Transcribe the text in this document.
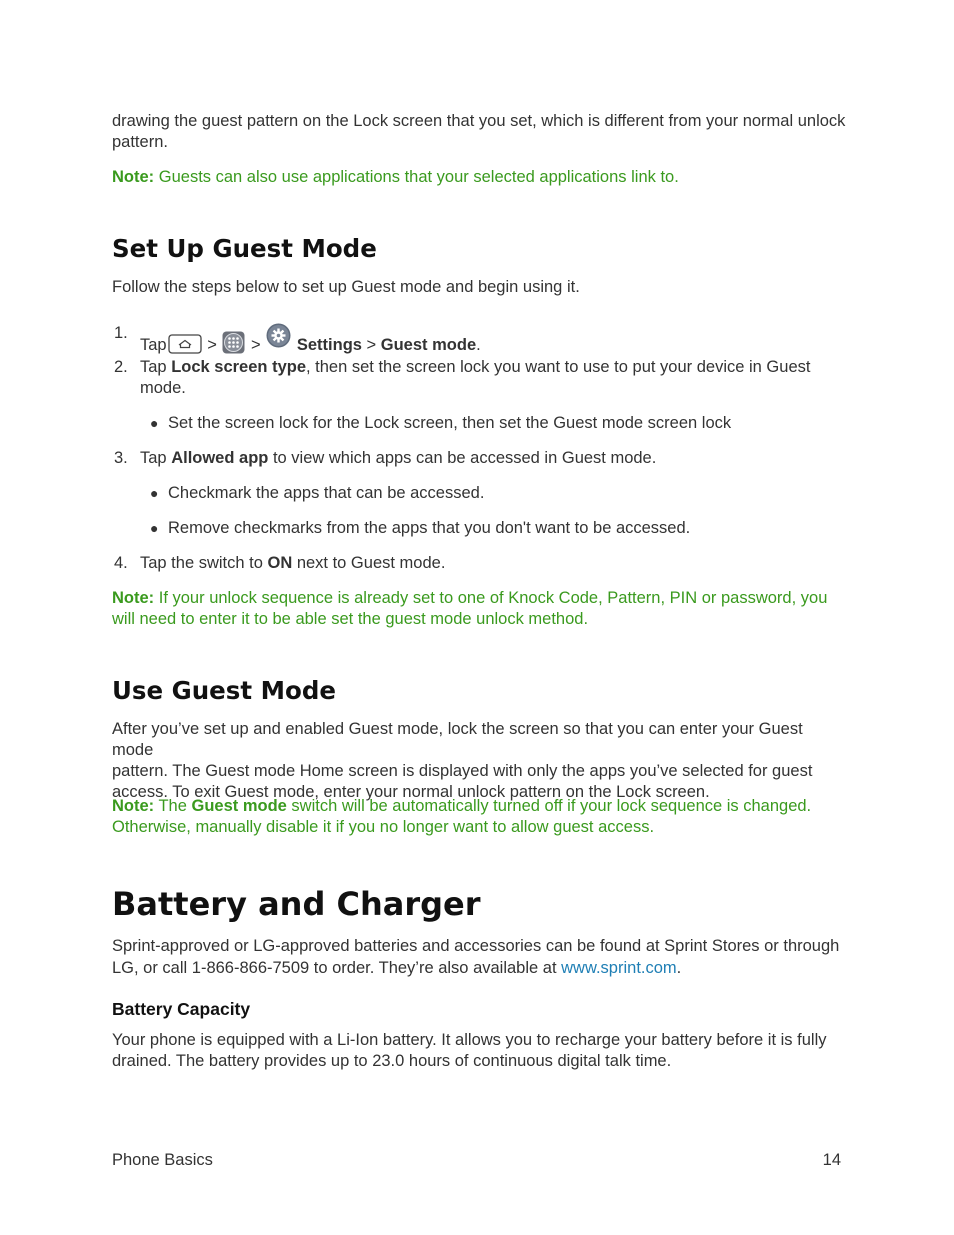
drawing the guest pattern on the Lock screen that you set, which is different from your normal unlock
pattern.

Note: Guests can also use applications that your selected applications link to.

Set Up Guest Mode

Follow the steps below to set up Guest mode and begin using it.

1.
Tap > > Settings > Guest mode.
2. Tap Lock screen type, then set the screen lock you want to use to put your device in Guest
mode.
● Set the screen lock for the Lock screen, then set the Guest mode screen lock
3. Tap Allowed app to view which apps can be accessed in Guest mode.
● Checkmark the apps that can be accessed.
● Remove checkmarks from the apps that you don't want to be accessed.
4. Tap the switch to ON next to Guest mode.

Note: If your unlock sequence is already set to one of Knock Code, Pattern, PIN or password, you
will need to enter it to be able set the guest mode unlock method.

Use Guest Mode

After you’ve set up and enabled Guest mode, lock the screen so that you can enter your Guest mode
pattern. The Guest mode Home screen is displayed with only the apps you’ve selected for guest
access. To exit Guest mode, enter your normal unlock pattern on the Lock screen.

Note: The Guest mode switch will be automatically turned off if your lock sequence is changed.
Otherwise, manually disable it if you no longer want to allow guest access.

Battery and Charger

Sprint-approved or LG-approved batteries and accessories can be found at Sprint Stores or through
LG, or call 1-866-866-7509 to order. They’re also available at www.sprint.com.

Battery Capacity

Your phone is equipped with a Li-Ion battery. It allows you to recharge your battery before it is fully
drained. The battery provides up to 23.0 hours of continuous digital talk time.

Phone Basics	14
